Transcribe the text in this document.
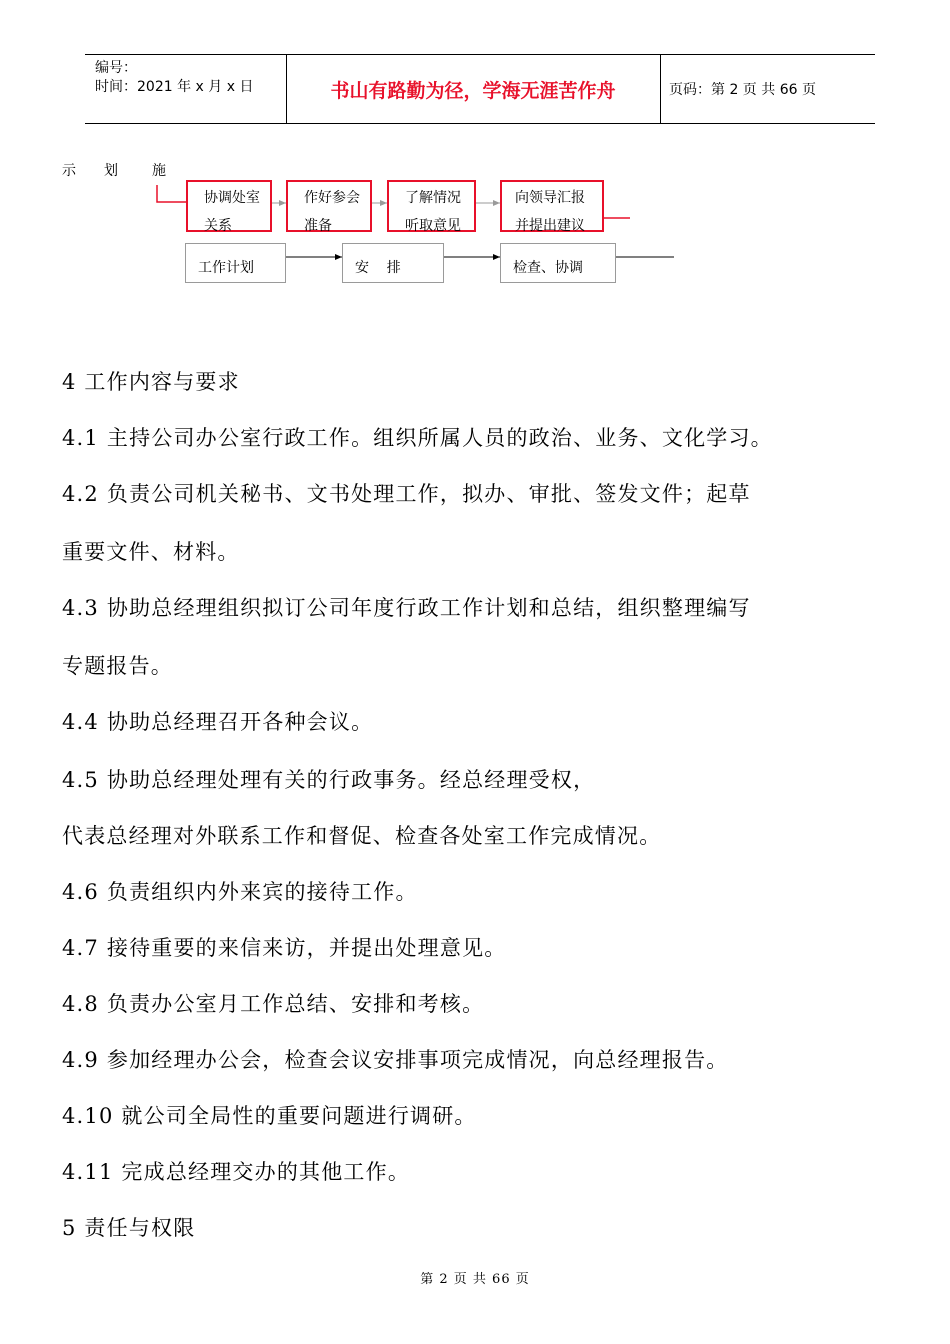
编号：
时间：2021 年 x 月 x 日	书山有路勤为径，学海无涯苦作舟	页码：第 2 页 共 66 页
示 划 施
协调处室
关系
作好参会
准备
了解情况
听取意见
向领导汇报
并提出建议
工作计划	安    排	检查、协调
4 工作内容与要求
4.1 主持公司办公室行政工作。组织所属人员的政治、业务、文化学习。
4.2 负责公司机关秘书、文书处理工作，拟办、审批、签发文件；起草
重要文件、材料。
4.3 协助总经理组织拟订公司年度行政工作计划和总结，组织整理编写
专题报告。
4.4 协助总经理召开各种会议。
4.5 协助总经理处理有关的行政事务。经总经理受权，
代表总经理对外联系工作和督促、检查各处室工作完成情况。
4.6 负责组织内外来宾的接待工作。
4.7 接待重要的来信来访，并提出处理意见。
4.8 负责办公室月工作总结、安排和考核。
4.9 参加经理办公会，检查会议安排事项完成情况，向总经理报告。
4.10 就公司全局性的重要问题进行调研。
4.11 完成总经理交办的其他工作。
5 责任与权限
第 2 页 共 66 页
